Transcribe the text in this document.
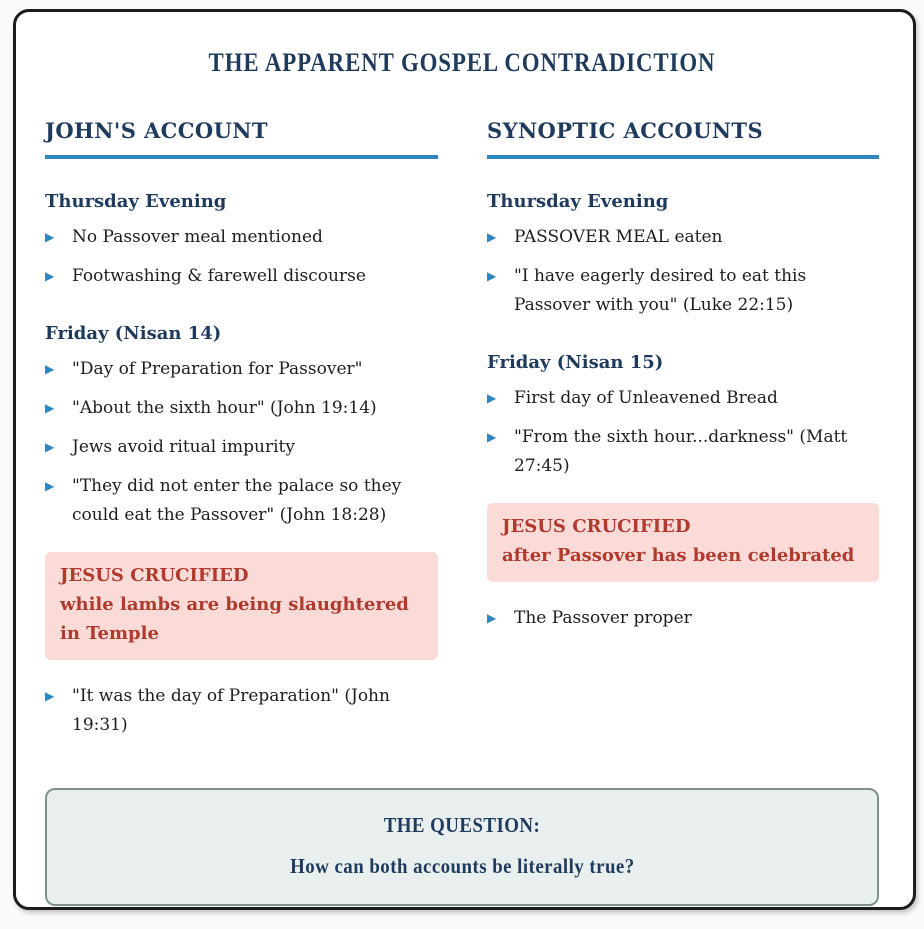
THE APPARENT GOSPEL CONTRADICTION
JOHN'S ACCOUNT
Thursday Evening
▶	No Passover meal mentioned
▶	Footwashing & farewell discourse
Friday (Nisan 14)
▶	"Day of Preparation for Passover"
▶	"About the sixth hour" (John 19:14)
▶	Jews avoid ritual impurity
▶	"They did not enter the palace so they could eat the Passover" (John 18:28)
JESUS CRUCIFIED
while lambs are being slaughtered in Temple
▶	"It was the day of Preparation" (John 19:31)
SYNOPTIC ACCOUNTS
Thursday Evening
▶	PASSOVER MEAL eaten
▶	"I have eagerly desired to eat this Passover with you" (Luke 22:15)
Friday (Nisan 15)
▶	First day of Unleavened Bread
▶	"From the sixth hour...darkness" (Matt 27:45)
JESUS CRUCIFIED
after Passover has been celebrated
▶	The Passover proper
THE QUESTION:
How can both accounts be literally true?
